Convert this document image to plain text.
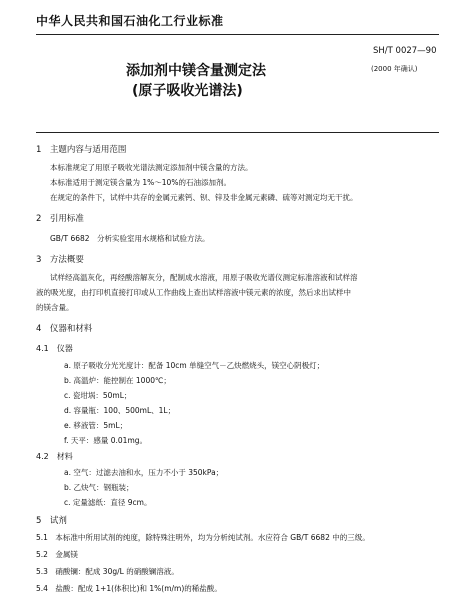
中华人民共和国石油化工行业标准
SH/T 0027—90
(2000 年确认)
添加剂中镁含量测定法
(原子吸收光谱法)
1　主题内容与适用范围
本标准规定了用原子吸收光谱法测定添加剂中镁含量的方法。
本标准适用于测定镁含量为 1%～10%的石油添加剂。
在规定的条件下，试样中共存的金属元素钙、钡、锌及非金属元素磷、硫等对测定均无干扰。
2　引用标准
GB/T 6682　分析实验室用水规格和试验方法。
3　方法概要
试样经高温灰化，再经酸溶解灰分，配制成水溶液，用原子吸收光谱仪测定标准溶液和试样溶
液的吸光度，由打印机直接打印或从工作曲线上查出试样溶液中镁元素的浓度，然后求出试样中
的镁含量。
4　仪器和材料
4.1　仪器
a. 原子吸收分光光度计：配备 10cm 单缝空气－乙炔燃烧头，镁空心阴极灯；
b. 高温炉：能控制在 1000℃；
c. 瓷坩埚：50mL；
d. 容量瓶：100、500mL、1L；
e. 移液管：5mL；
f. 天平：感量 0.01mg。
4.2　材料
a. 空气：过滤去油和水，压力不小于 350kPa；
b. 乙炔气：钢瓶装；
c. 定量滤纸：直径 9cm。
5　试剂
5.1　本标准中所用试剂的纯度，除特殊注明外，均为分析纯试剂。水应符合 GB/T 6682 中的三级。
5.2　金属镁
5.3　硝酸镧：配成 30g/L 的硝酸镧溶液。
5.4　盐酸：配成 1+1(体积比)和 1%(m/m)的稀盐酸。
